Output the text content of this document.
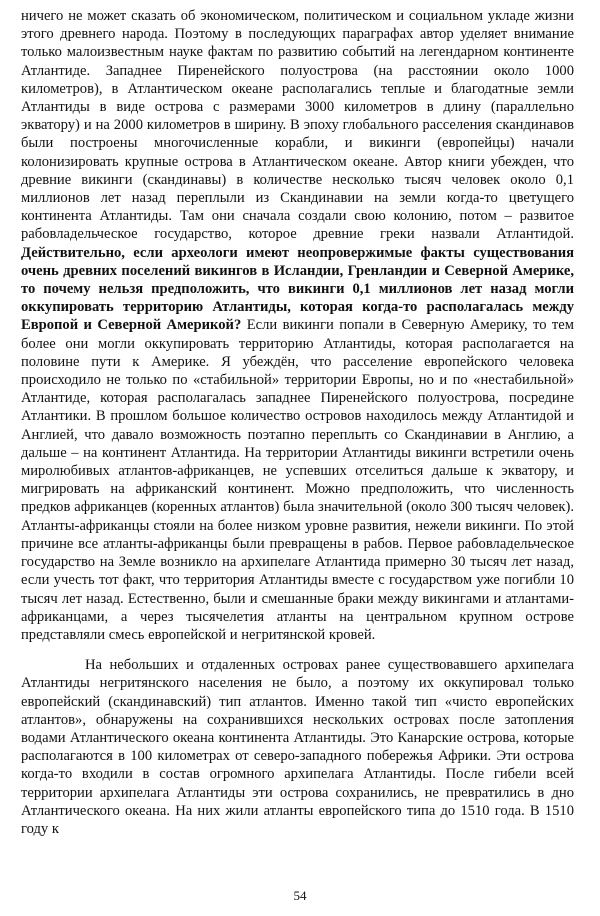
ничего не может сказать об экономическом, политическом и социальном укладе жизни этого древнего народа. Поэтому в последующих параграфах автор уделяет внимание только малоизвестным науке фактам по развитию событий на легендарном континенте Атлантиде. Западнее Пиренейского полуострова (на расстоянии около 1000 километров), в Атлантическом океане располагались теплые и благодатные земли Атлантиды в виде острова с размерами 3000 километров в длину (параллельно экватору) и на 2000 километров в ширину. В эпоху глобального расселения скандинавов были построены многочисленные корабли, и викинги (европейцы) начали колонизировать крупные острова в Атлантическом океане. Автор книги убежден, что древние викинги (скандинавы) в количестве несколько тысяч человек около 0,1 миллионов лет назад переплыли из Скандинавии на земли когда-то цветущего континента Атлантиды. Там они сначала создали свою колонию, потом – развитое рабовладельческое государство, которое древние греки назвали Атлантидой. Действительно, если археологи имеют неопровержимые факты существования очень древних поселений викингов в Исландии, Гренландии и Северной Америке, то почему нельзя предположить, что викинги 0,1 миллионов лет назад могли оккупировать территорию Атлантиды, которая когда-то располагалась между Европой и Северной Америкой? Если викинги попали в Северную Америку, то тем более они могли оккупировать территорию Атлантиды, которая располагается на половине пути к Америке. Я убеждён, что расселение европейского человека происходило не только по «стабильной» территории Европы, но и по «нестабильной» Атлантиде, которая располагалась западнее Пиренейского полуострова, посредине Атлантики. В прошлом большое количество островов находилось между Атлантидой и Англией, что давало возможность поэтапно переплыть со Скандинавии в Англию, а дальше – на континент Атлантида. На территории Атлантиды викинги встретили очень миролюбивых атлантов-африканцев, не успевших отселиться дальше к экватору, и мигрировать на африканский континент. Можно предположить, что численность предков африканцев (коренных атлантов) была значительной (около 300 тысяч человек). Атланты-африканцы стояли на более низком уровне развития, нежели викинги. По этой причине все атланты-африканцы были превращены в рабов. Первое рабовладельческое государство на Земле возникло на архипелаге Атлантида примерно 30 тысяч лет назад, если учесть тот факт, что территория Атлантиды вместе с государством уже погибли 10 тысяч лет назад. Естественно, были и смешанные браки между викингами и атлантами-африканцами, а через тысячелетия атланты на центральном крупном острове представляли смесь европейской и негритянской кровей.

На небольших и отдаленных островах ранее существовавшего архипелага Атлантиды негритянского населения не было, а поэтому их оккупировал только европейский (скандинавский) тип атлантов. Именно такой тип «чисто европейских атлантов», обнаружены на сохранившихся нескольких островах после затопления водами Атлантического океана континента Атлантиды. Это Канарские острова, которые располагаются в 100 километрах от северо-западного побережья Африки. Эти острова когда-то входили в состав огромного архипелага Атлантиды. После гибели всей территории архипелага Атлантиды эти острова сохранились, не превратились в дно Атлантического океана. На них жили атланты европейского типа до 1510 года. В 1510 году к

54
